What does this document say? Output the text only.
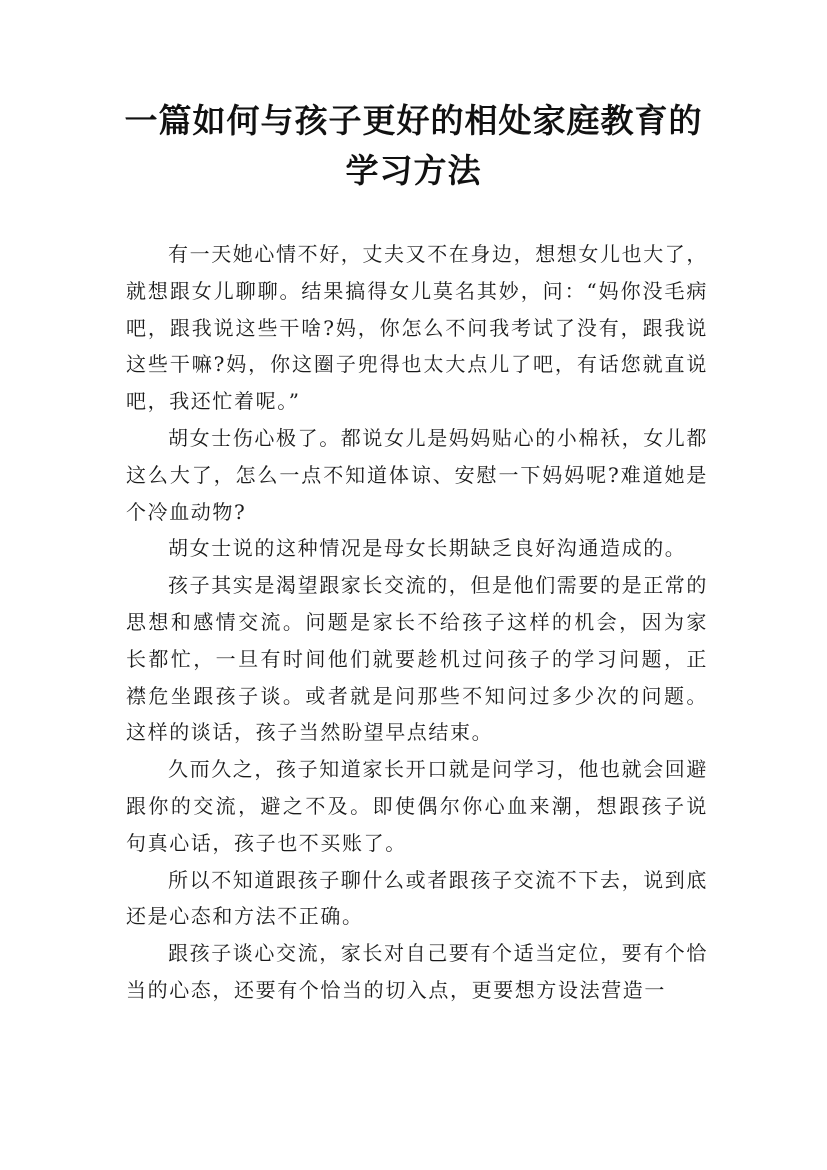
一篇如何与孩子更好的相处家庭教育的学习方法

有一天她心情不好，丈夫又不在身边，想想女儿也大了，就想跟女儿聊聊。结果搞得女儿莫名其妙，问：“妈你没毛病吧，跟我说这些干啥?妈，你怎么不问我考试了没有，跟我说这些干嘛?妈，你这圈子兜得也太大点儿了吧，有话您就直说吧，我还忙着呢。”

胡女士伤心极了。都说女儿是妈妈贴心的小棉袄，女儿都这么大了，怎么一点不知道体谅、安慰一下妈妈呢?难道她是个冷血动物?

胡女士说的这种情况是母女长期缺乏良好沟通造成的。

孩子其实是渴望跟家长交流的，但是他们需要的是正常的思想和感情交流。问题是家长不给孩子这样的机会，因为家长都忙，一旦有时间他们就要趁机过问孩子的学习问题，正襟危坐跟孩子谈。或者就是问那些不知问过多少次的问题。这样的谈话，孩子当然盼望早点结束。

久而久之，孩子知道家长开口就是问学习，他也就会回避跟你的交流，避之不及。即使偶尔你心血来潮，想跟孩子说句真心话，孩子也不买账了。

所以不知道跟孩子聊什么或者跟孩子交流不下去，说到底还是心态和方法不正确。

跟孩子谈心交流，家长对自己要有个适当定位，要有个恰当的心态，还要有个恰当的切入点，更要想方设法营造一
